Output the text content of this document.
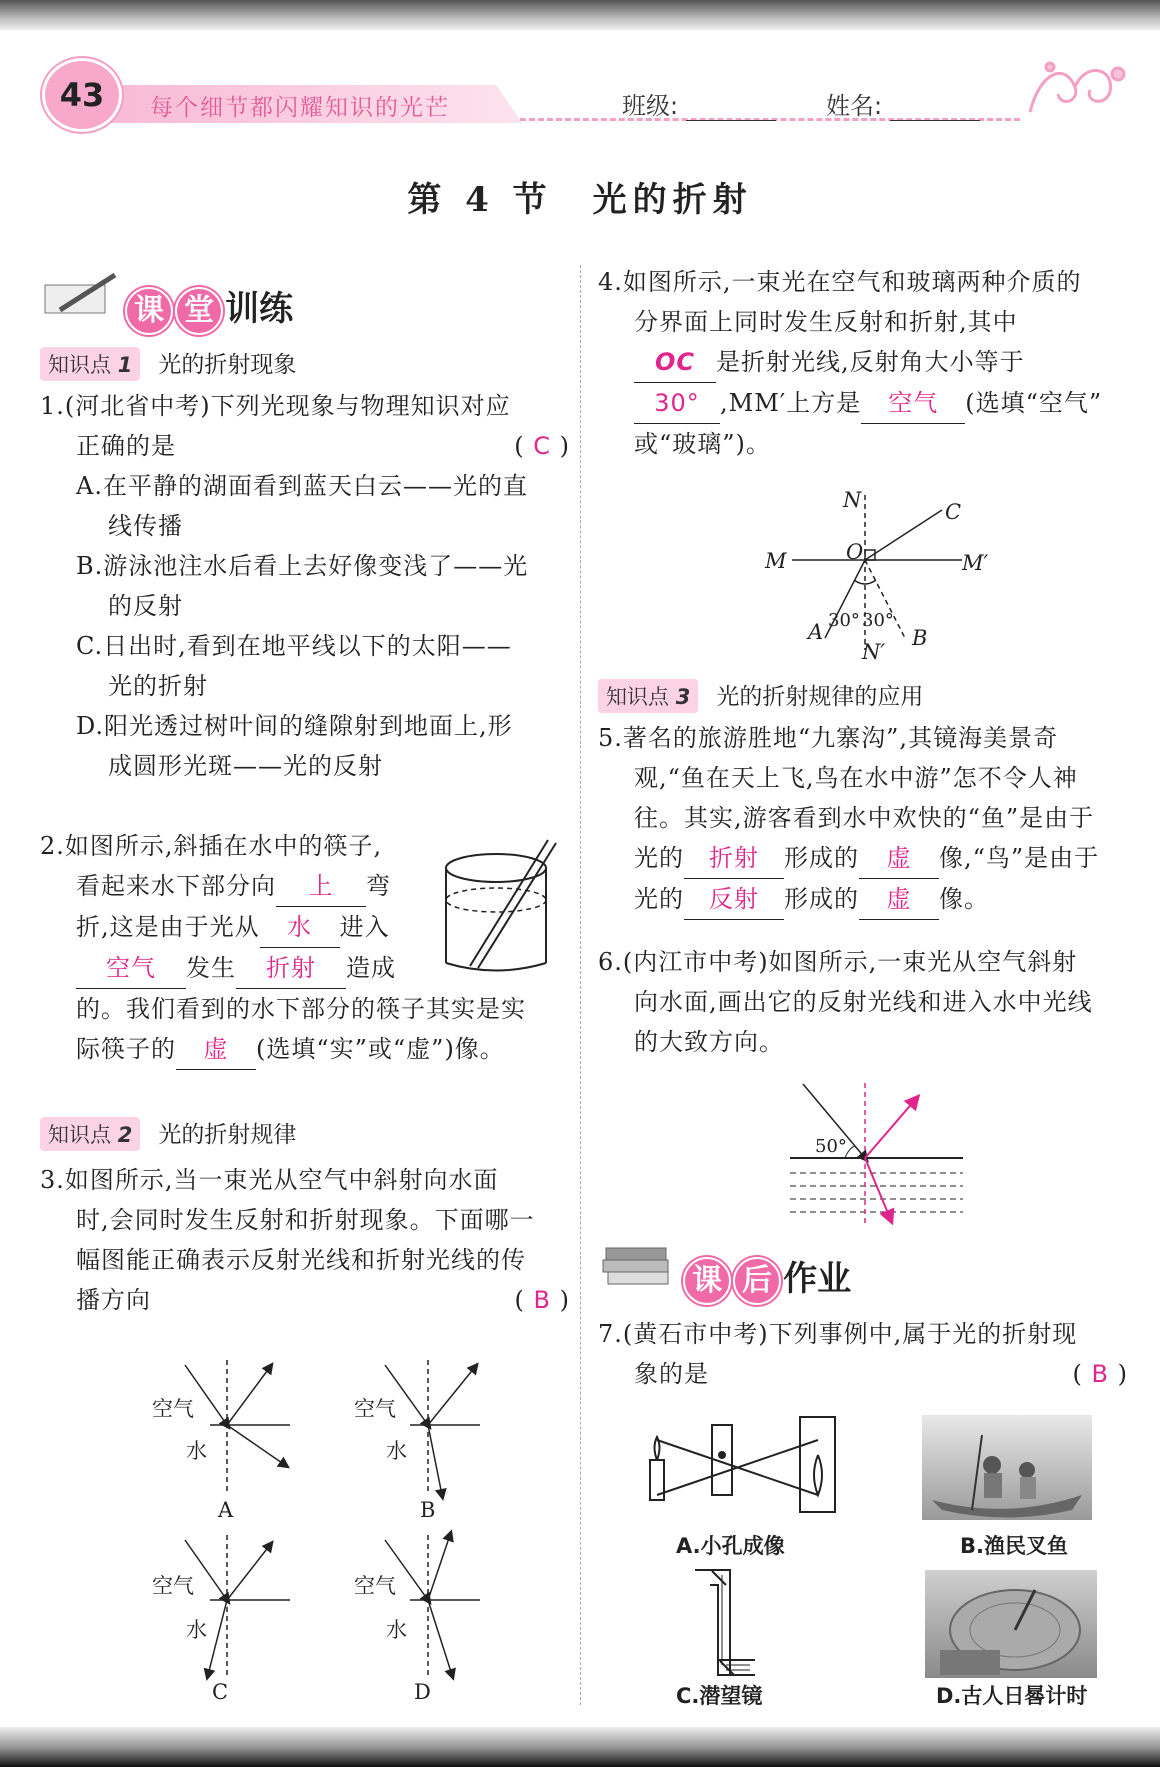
43	每个细节都闪耀知识的光芒	班级:	姓名:
第 4 节　光的折射
课 堂 训练
知识点 1 光的折射现象
1.(河北省中考)下列光现象与物理知识对应
正确的是	( C )
A.在平静的湖面看到蓝天白云——光的直
线传播
B.游泳池注水后看上去好像变浅了——光
的反射
C.日出时,看到在地平线以下的太阳——
光的折射
D.阳光透过树叶间的缝隙射到地面上,形
成圆形光斑——光的反射
2.如图所示,斜插在水中的筷子,
看起来水下部分向 上 弯
折,这是由于光从 水 进入
空气 发生 折射 造成
的。我们看到的水下部分的筷子其实是实
际筷子的 虚 (选填“实”或“虚”)像。
知识点 2 光的折射规律
3.如图所示,当一束光从空气中斜射向水面
时,会同时发生反射和折射现象。下面哪一
幅图能正确表示反射光线和折射光线的传
播方向	( B )
空气
水
A
空气
水
B
空气
水
C
空气
水
D
4.如图所示,一束光在空气和玻璃两种介质的
分界面上同时发生反射和折射,其中
OC 是折射光线,反射角大小等于
30° ,MM′上方是 空气 (选填“空气”
或“玻璃”)。
N	C
M	O	M′
A 30° 30°
B
N′
知识点 3 光的折射规律的应用
5.著名的旅游胜地“九寨沟”,其镜海美景奇
观,“鱼在天上飞,鸟在水中游”怎不令人神
往。其实,游客看到水中欢快的“鱼”是由于
光的 折射 形成的 虚 像,“鸟”是由于
光的 反射 形成的 虚 像。
6.(内江市中考)如图所示,一束光从空气斜射
向水面,画出它的反射光线和进入水中光线
的大致方向。
50°
课 后 作业
7.(黄石市中考)下列事例中,属于光的折射现
象的是	( B )
A.小孔成像	B.渔民叉鱼
C.潜望镜	D.古人日晷计时
